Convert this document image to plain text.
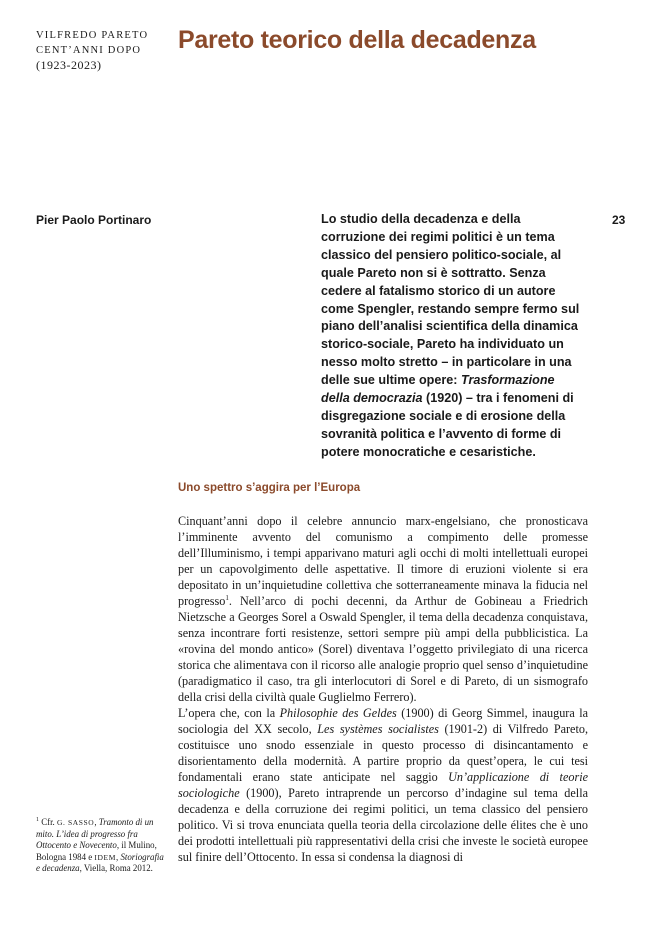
VILFREDO PARETO
CENT’ANNI DOPO
(1923-2023)
Pareto teorico della decadenza
Pier Paolo Portinaro	23
Lo studio della decadenza e della corruzione dei regimi politici è un tema classico del pensiero politico-sociale, al quale Pareto non si è sottratto. Senza cedere al fatalismo storico di un autore come Spengler, restando sempre fermo sul piano dell’analisi scientifica della dinamica storico-sociale, Pareto ha individuato un nesso molto stretto – in particolare in una delle sue ultime opere: Trasformazione della democrazia (1920) – tra i fenomeni di disgregazione sociale e di erosione della sovranità politica e l’avvento di forme di potere monocratiche e cesaristiche.
Uno spettro s’aggira per l’Europa

Cinquant’anni dopo il celebre annuncio marx-engelsiano, che pronosticava l’imminente avvento del comunismo a compimento delle promesse dell’Illuminismo, i tempi apparivano maturi agli occhi di molti intellettuali europei per un capovolgimento delle aspettative. Il timore di eruzioni violente si era depositato in un’inquietudine collettiva che sotterraneamente minava la fiducia nel progresso$^1$. Nell’arco di pochi decenni, da Arthur de Gobineau a Friedrich Nietzsche a Georges Sorel a Oswald Spengler, il tema della decadenza conquistava, senza incontrare forti resistenze, settori sempre più ampi della pubblicistica. La «rovina del mondo antico» (Sorel) diventava l’oggetto privilegiato di una ricerca storica che alimentava con il ricorso alle analogie proprio quel senso d’inquietudine (paradigmatico il caso, tra gli interlocutori di Sorel e di Pareto, di un sismografo della crisi della civiltà quale Guglielmo Ferrero).

L’opera che, con la Philosophie des Geldes (1900) di Georg Simmel, inaugura la sociologia del XX secolo, Les systèmes socialistes (1901-2) di Vilfredo Pareto, costituisce uno snodo essenziale in questo processo di disincantamento e disorientamento della modernità. A partire proprio da quest’opera, le cui tesi fondamentali erano state anticipate nel saggio Un’applicazione di teorie sociologiche (1900), Pareto intraprende un percorso d’indagine sul tema della decadenza e della corruzione dei regimi politici, un tema classico del pensiero politico. Vi si trova enunciata quella teoria della circolazione delle élites che è uno dei prodotti intellettuali più rappresentativi della crisi che investe le società europee sul finire dell’Ottocento. In essa si condensa la diagnosi di

$^1$ Cfr. G. SASSO, Tramonto di un mito. L’idea di progresso fra Ottocento e Novecento, il Mulino, Bologna 1984 e IDEM, Storiografia e decadenza, Viella, Roma 2012.
